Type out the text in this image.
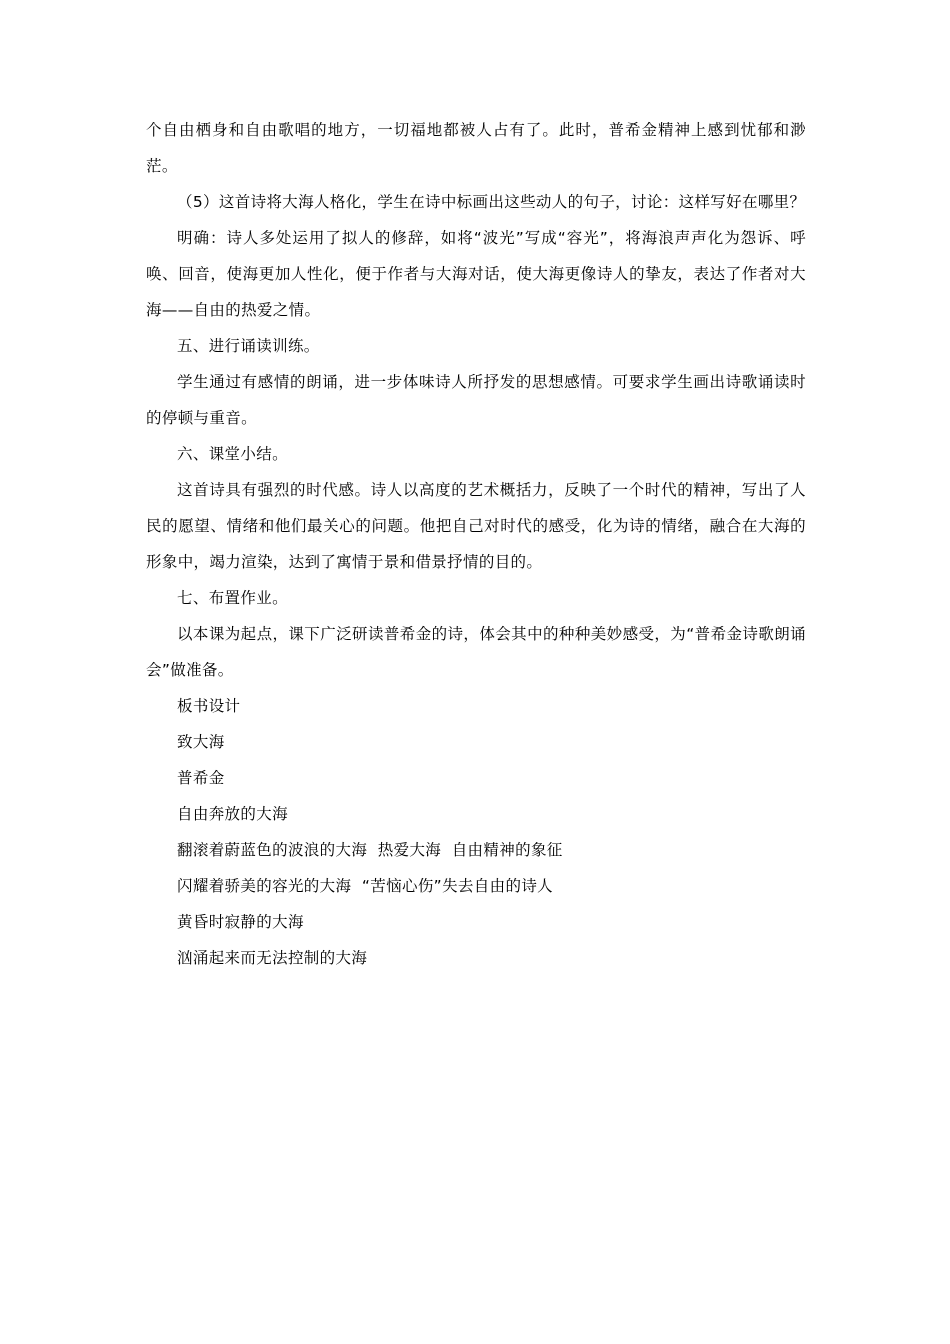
个自由栖身和自由歌唱的地方，一切福地都被人占有了。此时，普希金精神上感到忧郁和渺茫。

（5）这首诗将大海人格化，学生在诗中标画出这些动人的句子，讨论：这样写好在哪里？

明确：诗人多处运用了拟人的修辞，如将“波光”写成“容光”，将海浪声声化为怨诉、呼唤、回音，使海更加人性化，便于作者与大海对话，使大海更像诗人的挚友，表达了作者对大海——自由的热爱之情。

五、进行诵读训练。

学生通过有感情的朗诵，进一步体味诗人所抒发的思想感情。可要求学生画出诗歌诵读时的停顿与重音。

六、课堂小结。

这首诗具有强烈的时代感。诗人以高度的艺术概括力，反映了一个时代的精神，写出了人民的愿望、情绪和他们最关心的问题。他把自己对时代的感受，化为诗的情绪，融合在大海的形象中，竭力渲染，达到了寓情于景和借景抒情的目的。

七、布置作业。

以本课为起点，课下广泛研读普希金的诗，体会其中的种种美妙感受，为“普希金诗歌朗诵会”做准备。

板书设计
致大海
普希金
自由奔放的大海
翻滚着蔚蓝色的波浪的大海  热爱大海  自由精神的象征
闪耀着骄美的容光的大海  “苦恼心伤”失去自由的诗人
黄昏时寂静的大海
汹涌起来而无法控制的大海
